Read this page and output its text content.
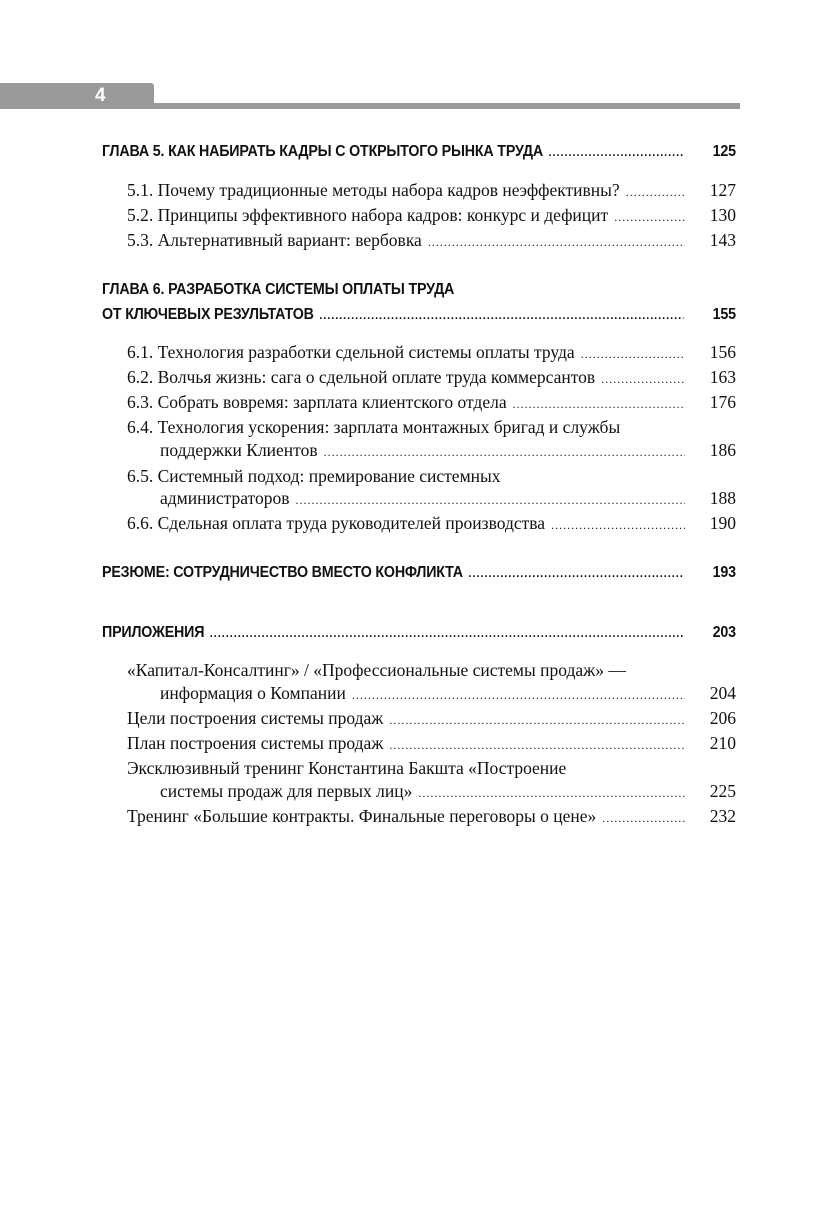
4
ГЛАВА 5. КАК НАБИРАТЬ КАДРЫ С ОТКРЫТОГО РЫНКА ТРУДА .....	125
5.1. Почему традиционные методы набора кадров неэффективны? .....	127
5.2. Принципы эффективного набора кадров: конкурс и дефицит .....	130
5.3. Альтернативный вариант: вербовка .....	143
ГЛАВА 6. РАЗРАБОТКА СИСТЕМЫ ОПЛАТЫ ТРУДА
ОТ КЛЮЧЕВЫХ РЕЗУЛЬТАТОВ .....	155
6.1. Технология разработки сдельной системы оплаты труда .....	156
6.2. Волчья жизнь: сага о сдельной оплате труда коммерсантов .....	163
6.3. Собрать вовремя: зарплата клиентского отдела .....	176
6.4. Технология ускорения: зарплата монтажных бригад и службы
поддержки Клиентов .....	186
6.5. Системный подход: премирование системных
администраторов .....	188
6.6. Сдельная оплата труда руководителей производства .....	190
РЕЗЮМЕ: СОТРУДНИЧЕСТВО ВМЕСТО КОНФЛИКТА .....	193
ПРИЛОЖЕНИЯ .....	203
«Капитал-Консалтинг» / «Профессиональные системы продаж» —
информация о Компании .....	204
Цели построения системы продаж .....	206
План построения системы продаж .....	210
Эксклюзивный тренинг Константина Бакшта «Построение
системы продаж для первых лиц» .....	225
Тренинг «Большие контракты. Финальные переговоры о цене» .....	232
